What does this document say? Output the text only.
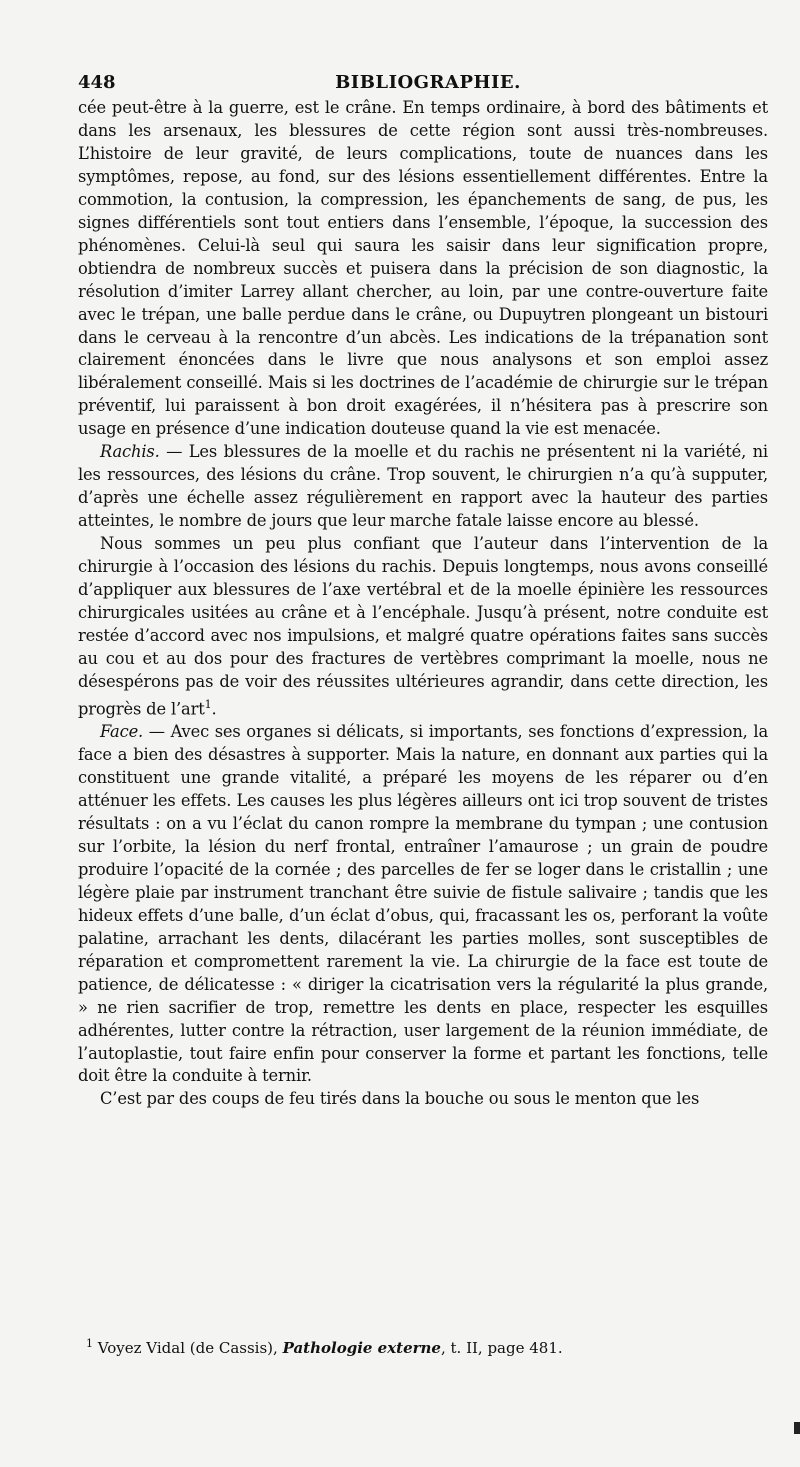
448	BIBLIOGRAPHIE.

cée peut-être à la guerre, est le crâne. En temps ordinaire, à bord des bâtiments et dans les arsenaux, les blessures de cette région sont aussi très-nombreuses. L’histoire de leur gravité, de leurs complications, toute de nuances dans les symptômes, repose, au fond, sur des lésions essentiellement différentes. Entre la commotion, la contusion, la compression, les épanchements de sang, de pus, les signes différentiels sont tout entiers dans l’ensemble, l’époque, la succession des phénomènes. Celui-là seul qui saura les saisir dans leur signification propre, obtiendra de nombreux succès et puisera dans la précision de son diagnostic, la résolution d’imiter Larrey allant chercher, au loin, par une contre-ouverture faite avec le trépan, une balle perdue dans le crâne, ou Dupuytren plongeant un bistouri dans le cerveau à la rencontre d’un abcès. Les indications de la trépanation sont clairement énoncées dans le livre que nous analysons et son emploi assez libéralement conseillé. Mais si les doctrines de l’académie de chirurgie sur le trépan préventif, lui paraissent à bon droit exagérées, il n’hésitera pas à prescrire son usage en présence d’une indication douteuse quand la vie est menacée.

Rachis. — Les blessures de la moelle et du rachis ne présentent ni la variété, ni les ressources, des lésions du crâne. Trop souvent, le chirurgien n’a qu’à supputer, d’après une échelle assez régulièrement en rapport avec la hauteur des parties atteintes, le nombre de jours que leur marche fatale laisse encore au blessé.

Nous sommes un peu plus confiant que l’auteur dans l’intervention de la chirurgie à l’occasion des lésions du rachis. Depuis longtemps, nous avons conseillé d’appliquer aux blessures de l’axe vertébral et de la moelle épinière les ressources chirurgicales usitées au crâne et à l’encéphale. Jusqu’à présent, notre conduite est restée d’accord avec nos impulsions, et malgré quatre opérations faites sans succès au cou et au dos pour des fractures de vertèbres comprimant la moelle, nous ne désespérons pas de voir des réussites ultérieures agrandir, dans cette direction, les progrès de l’art$^1$.

Face. — Avec ses organes si délicats, si importants, ses fonctions d’expression, la face a bien des désastres à supporter. Mais la nature, en donnant aux parties qui la constituent une grande vitalité, a préparé les moyens de les réparer ou d’en atténuer les effets. Les causes les plus légères ailleurs ont ici trop souvent de tristes résultats : on a vu l’éclat du canon rompre la membrane du tympan ; une contusion sur l’orbite, la lésion du nerf frontal, entraîner l’amaurose ; un grain de poudre produire l’opacité de la cornée ; des parcelles de fer se loger dans le cristallin ; une légère plaie par instrument tranchant être suivie de fistule salivaire ; tandis que les hideux effets d’une balle, d’un éclat d’obus, qui, fracassant les os, perforant la voûte palatine, arrachant les dents, dilacérant les parties molles, sont susceptibles de réparation et compromettent rarement la vie. La chirurgie de la face est toute de patience, de délicatesse : « diriger la cicatrisation vers la régularité la plus grande, » ne rien sacrifier de trop, remettre les dents en place, respecter les esquilles adhérentes, lutter contre la rétraction, user largement de la réunion immédiate, de l’autoplastie, tout faire enfin pour conserver la forme et partant les fonctions, telle doit être la conduite à ternir.

C’est par des coups de feu tirés dans la bouche ou sous le menton que les

$^1$ Voyez Vidal (de Cassis), Pathologie externe, t. II, page 481.
